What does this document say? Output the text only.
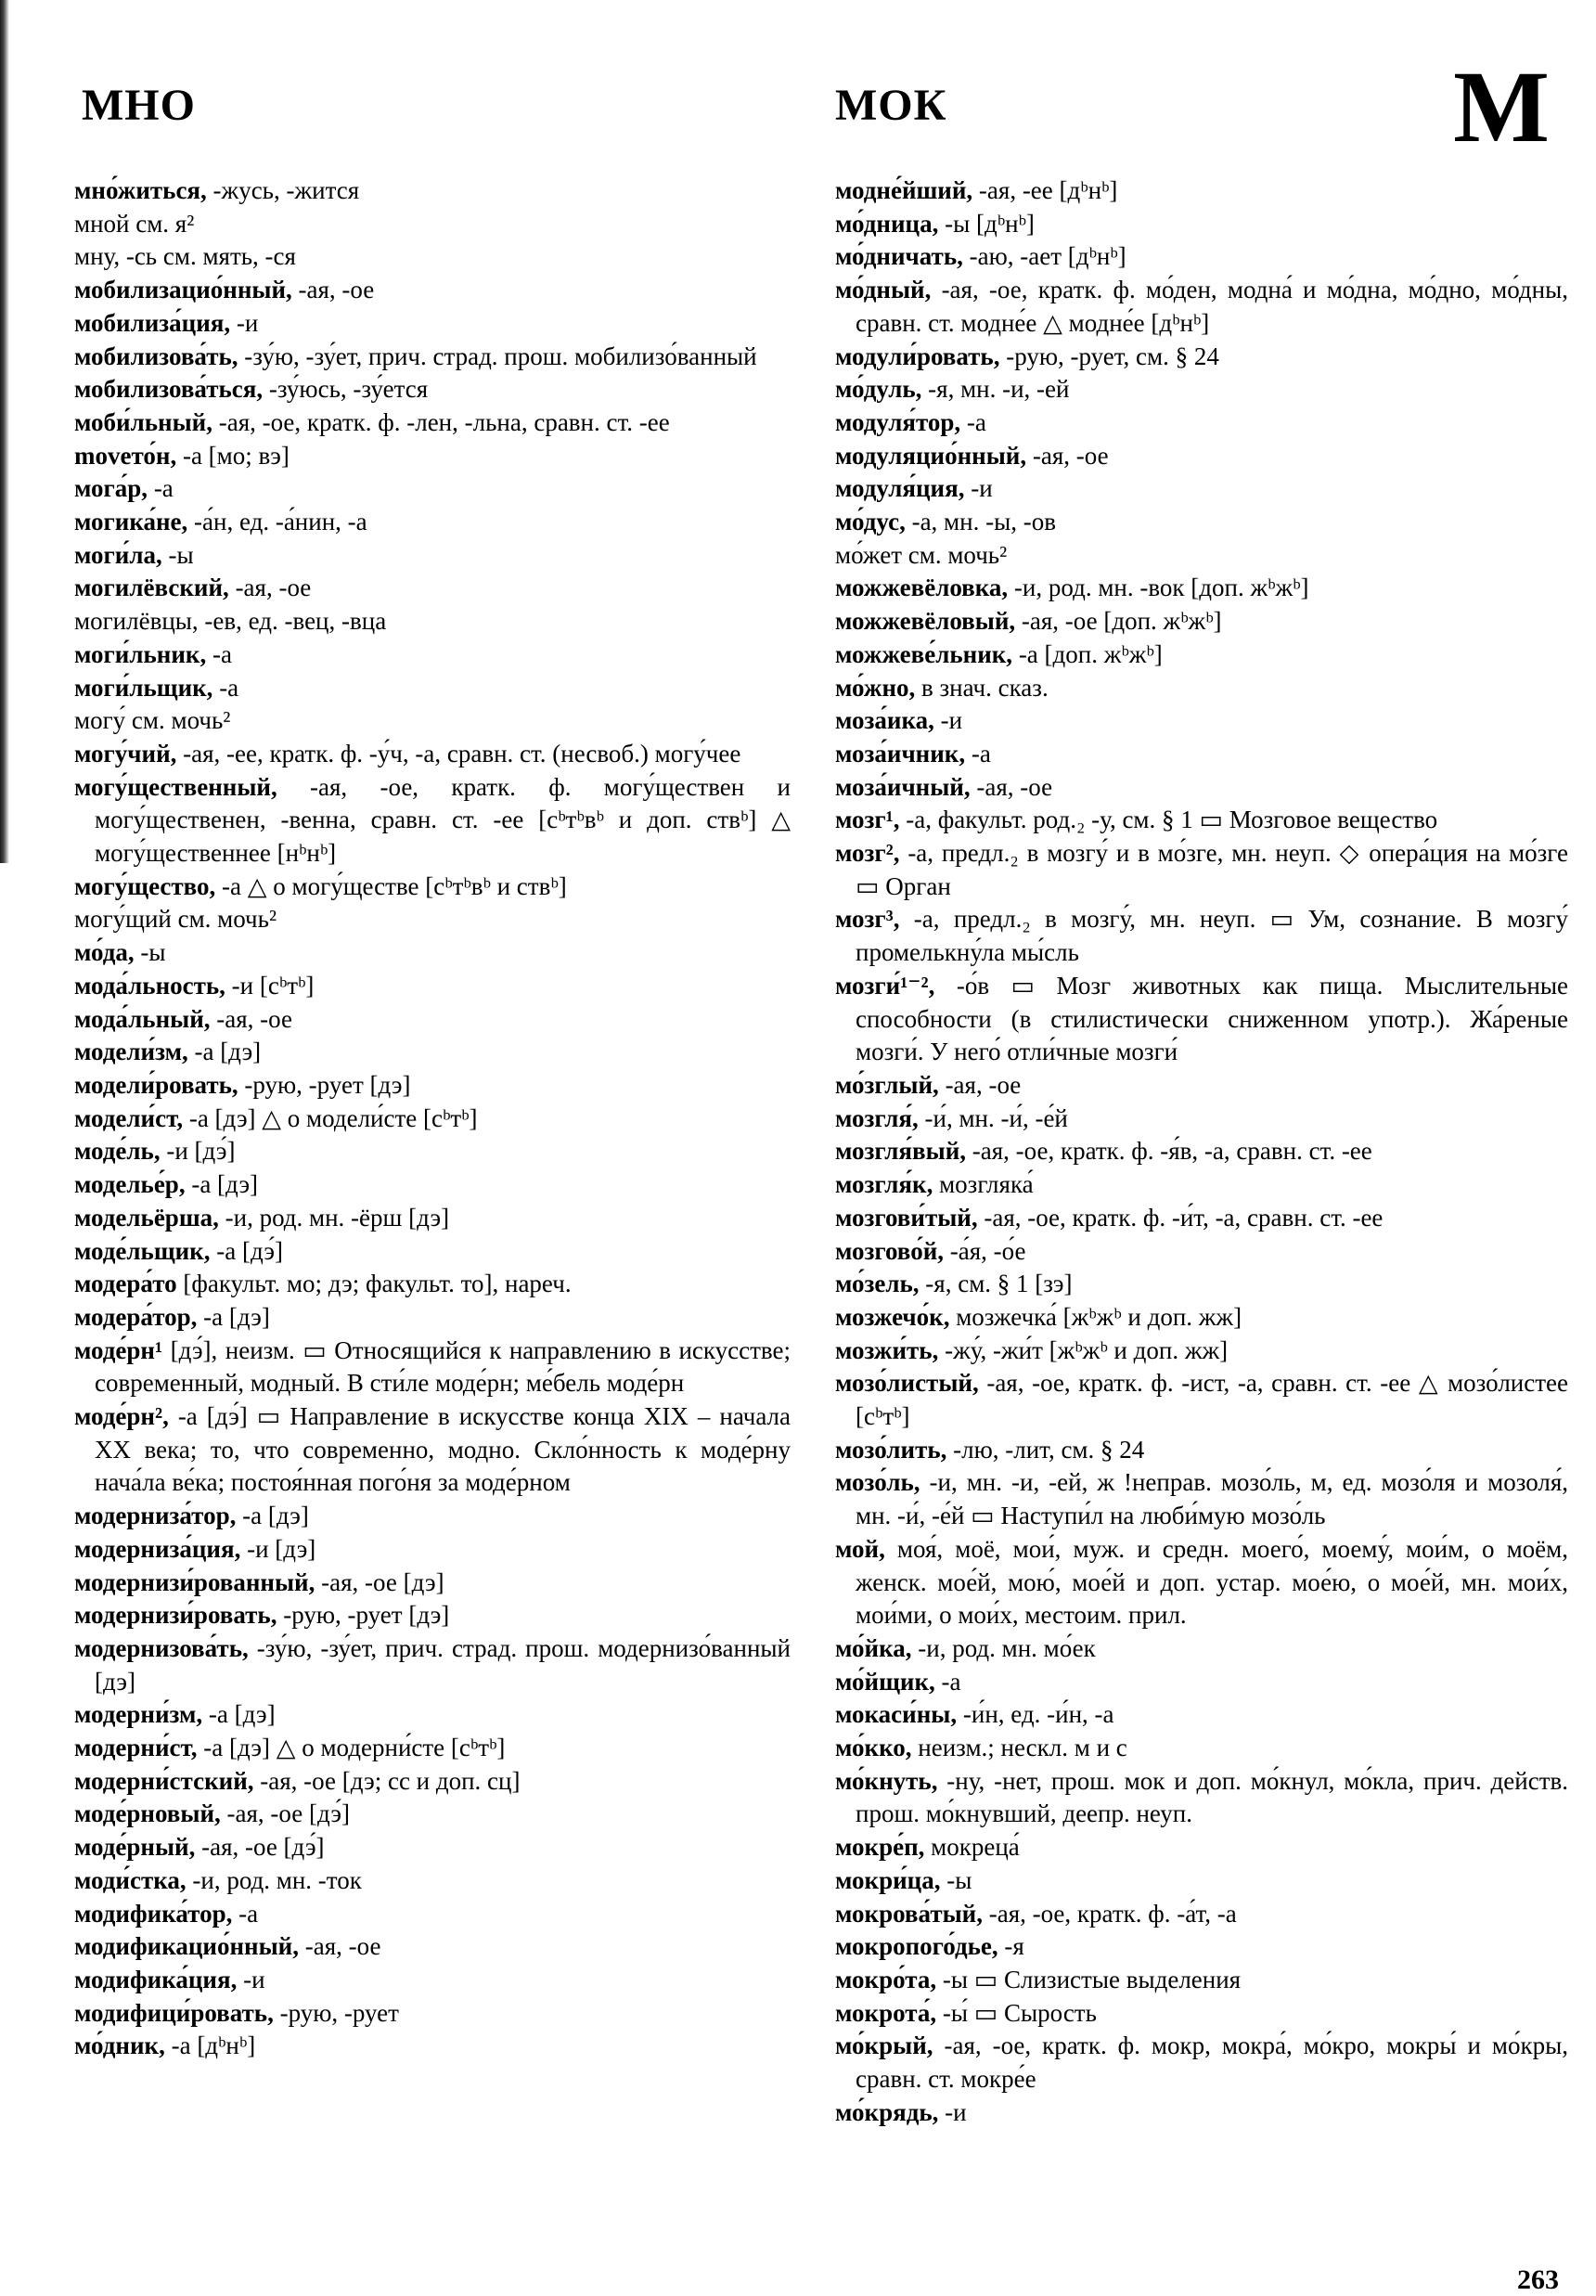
МНО	МОК	М

мно́житься, -жусь, -жится

мной см. я²

мну, -сь см. мять, -ся

мобилизацио́нный, -ая, -ое

мобилиза́ция, -и

мобилизова́ть, -зу́ю, -зу́ет, прич. страд. прош. мобилизо́ванный

мобилизова́ться, -зу́юсь, -зу́ется

моби́льный, -ая, -ое, кратк. ф. -лен, -льна, сравн. ст. -ее

movето́н, -а [мо; вэ]

мога́р, -а

могика́не, -а́н, ед. -а́нин, -а

моги́ла, -ы

могилёвский, -ая, -ое

могилёвцы, -ев, ед. -вец, -вца

моги́льник, -а

моги́льщик, -а

могу́ см. мочь²

могу́чий, -ая, -ее, кратк. ф. -у́ч, -а, сравн. ст. (несвоб.) могу́чее

могу́щественный, -ая, -ое, кратк. ф. могу́ществен и могу́щественен, -венна, сравн. ст. -ее [сᵇтᵇвᵇ и доп. ствᵇ] △ могу́щественнее [нᵇнᵇ]

могу́щество, -а △ о могу́ществе [сᵇтᵇвᵇ и ствᵇ]

могу́щий см. мочь²

мо́да, -ы

мода́льность, -и [сᵇтᵇ]

мода́льный, -ая, -ое

модели́зм, -а [дэ]

модели́ровать, -рую, -рует [дэ]

модели́ст, -а [дэ] △ о модели́сте [сᵇтᵇ]

моде́ль, -и [дэ́]

моделье́р, -а [дэ]

модельёрша, -и, род. мн. -ёрш [дэ]

моде́льщик, -а [дэ́]

модера́то [факульт. мо; дэ; факульт. то], нареч.

модера́тор, -а [дэ]

моде́рн¹ [дэ́], неизм. ▭ Относящийся к направлению в искусстве; современный, модный. В сти́ле моде́рн; ме́бель моде́рн

моде́рн², -а [дэ́] ▭ Направление в искусстве конца XIX – начала XX века; то, что современно, модно. Скло́нность к моде́рну нача́ла ве́ка; постоя́нная пого́ня за моде́рном

модерниза́тор, -а [дэ]

модерниза́ция, -и [дэ]

модернизи́рованный, -ая, -ое [дэ]

модернизи́ровать, -рую, -рует [дэ]

модернизова́ть, -зу́ю, -зу́ет, прич. страд. прош. модернизо́ванный [дэ]

модерни́зм, -а [дэ]

модерни́ст, -а [дэ] △ о модерни́сте [сᵇтᵇ]

модерни́стский, -ая, -ое [дэ; сс и доп. сц]

моде́рновый, -ая, -ое [дэ́]

моде́рный, -ая, -ое [дэ́]

моди́стка, -и, род. мн. -ток

модифика́тор, -а

модификацио́нный, -ая, -ое

модифика́ция, -и

модифици́ровать, -рую, -рует

мо́дник, -а [дᵇнᵇ]

модне́йший, -ая, -ее [дᵇнᵇ]

мо́дница, -ы [дᵇнᵇ]

мо́дничать, -аю, -ает [дᵇнᵇ]

мо́дный, -ая, -ое, кратк. ф. мо́ден, модна́ и мо́дна, мо́дно, мо́дны, сравн. ст. модне́е △ модне́е [дᵇнᵇ]

модули́ровать, -рую, -рует, см. § 24

мо́дуль, -я, мн. -и, -ей

модуля́тор, -а

модуляцио́нный, -ая, -ое

модуля́ция, -и

мо́дус, -а, мн. -ы, -ов

мо́жет см. мочь²

можжевёловка, -и, род. мн. -вок [доп. жᵇжᵇ]

можжевёловый, -ая, -ое [доп. жᵇжᵇ]

можжеве́льник, -а [доп. жᵇжᵇ]

мо́жно, в знач. сказ.

моза́ика, -и

моза́ичник, -а

моза́ичный, -ая, -ое

мозг¹, -а, факульт. род.₂ -у, см. § 1 ▭ Мозговое вещество

мозг², -а, предл.₂ в мозгу́ и в мо́зге, мн. неуп. ◇ опера́ция на мо́зге ▭ Орган

мозг³, -а, предл.₂ в мозгу́, мн. неуп. ▭ Ум, сознание. В мозгу́ промелькну́ла мы́сль

мозги́¹⁻², -о́в ▭ Мозг животных как пища. Мыслительные способности (в стилистически сниженном употр.). Жа́реные мозги́. У него́ отли́чные мозги́

мо́зглый, -ая, -ое

мозгля́, -и́, мн. -и́, -е́й

мозгля́вый, -ая, -ое, кратк. ф. -я́в, -а, сравн. ст. -ее

мозгля́к, мозгляка́

мозгови́тый, -ая, -ое, кратк. ф. -и́т, -а, сравн. ст. -ее

мозгово́й, -а́я, -о́е

мо́зель, -я, см. § 1 [зэ]

мозжечо́к, мозжечка́ [жᵇжᵇ и доп. жж]

мозжи́ть, -жу́, -жи́т [жᵇжᵇ и доп. жж]

мозо́листый, -ая, -ое, кратк. ф. -ист, -а, сравн. ст. -ее △ мозо́листее [сᵇтᵇ]

мозо́лить, -лю, -лит, см. § 24

мозо́ль, -и, мн. -и, -ей, ж !неправ. мозо́ль, м, ед. мозо́ля и мозоля́, мн. -и́, -е́й ▭ Наступи́л на люби́мую мозо́ль

мой, моя́, моё, мои́, муж. и средн. моего́, моему́, мои́м, о моём, женск. мое́й, мою́, мое́й и доп. устар. мое́ю, о мое́й, мн. мои́х, мои́ми, о мои́х, местоим. прил.

мо́йка, -и, род. мн. мо́ек

мо́йщик, -а

мокаси́ны, -и́н, ед. -и́н, -а

мо́кко, неизм.; нескл. м и с

мо́кнуть, -ну, -нет, прош. мок и доп. мо́кнул, мо́кла, прич. действ. прош. мо́кнувший, деепр. неуп.

мокре́п, мокреца́

мокри́ца, -ы

мокрова́тый, -ая, -ое, кратк. ф. -а́т, -а

мокропого́дье, -я

мокро́та, -ы ▭ Слизистые выделения

мокрота́, -ы́ ▭ Сырость

мо́крый, -ая, -ое, кратк. ф. мокр, мокра́, мо́кро, мокры́ и мо́кры, сравн. ст. мокре́е

мо́крядь, -и

263
